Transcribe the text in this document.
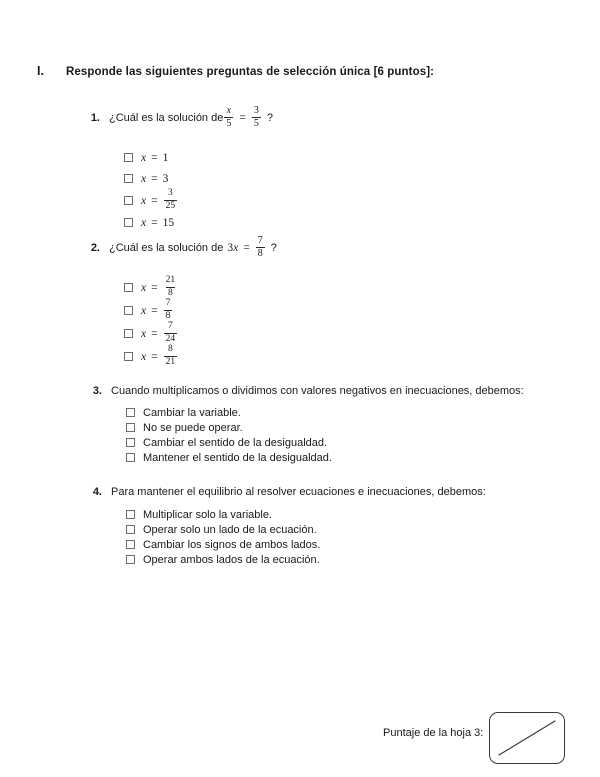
I.	Responde las siguientes preguntas de selección única [6 puntos]:
1. ¿Cuál es la solución de $\frac{x}{5} = \frac{3}{5}$ ?
x = 1
x = 3
$x = \frac{3}{25}$
x = 15
2. ¿Cuál es la solución de 3 $x = \frac{7}{8}$ ?
$x = \frac{21}{8}$
$x = \frac{7}{8}$
$x = \frac{7}{24}$
$x = \frac{8}{21}$
3. Cuando multiplicamos o dividimos con valores negativos en inecuaciones, debemos:
Cambiar la variable.
No se puede operar.
Cambiar el sentido de la desigualdad.
Mantener el sentido de la desigualdad.
4. Para mantener el equilibrio al resolver ecuaciones e inecuaciones, debemos:
Multiplicar solo la variable.
Operar solo un lado de la ecuación.
Cambiar los signos de ambos lados.
Operar ambos lados de la ecuación.
Puntaje de la hoja 3:
